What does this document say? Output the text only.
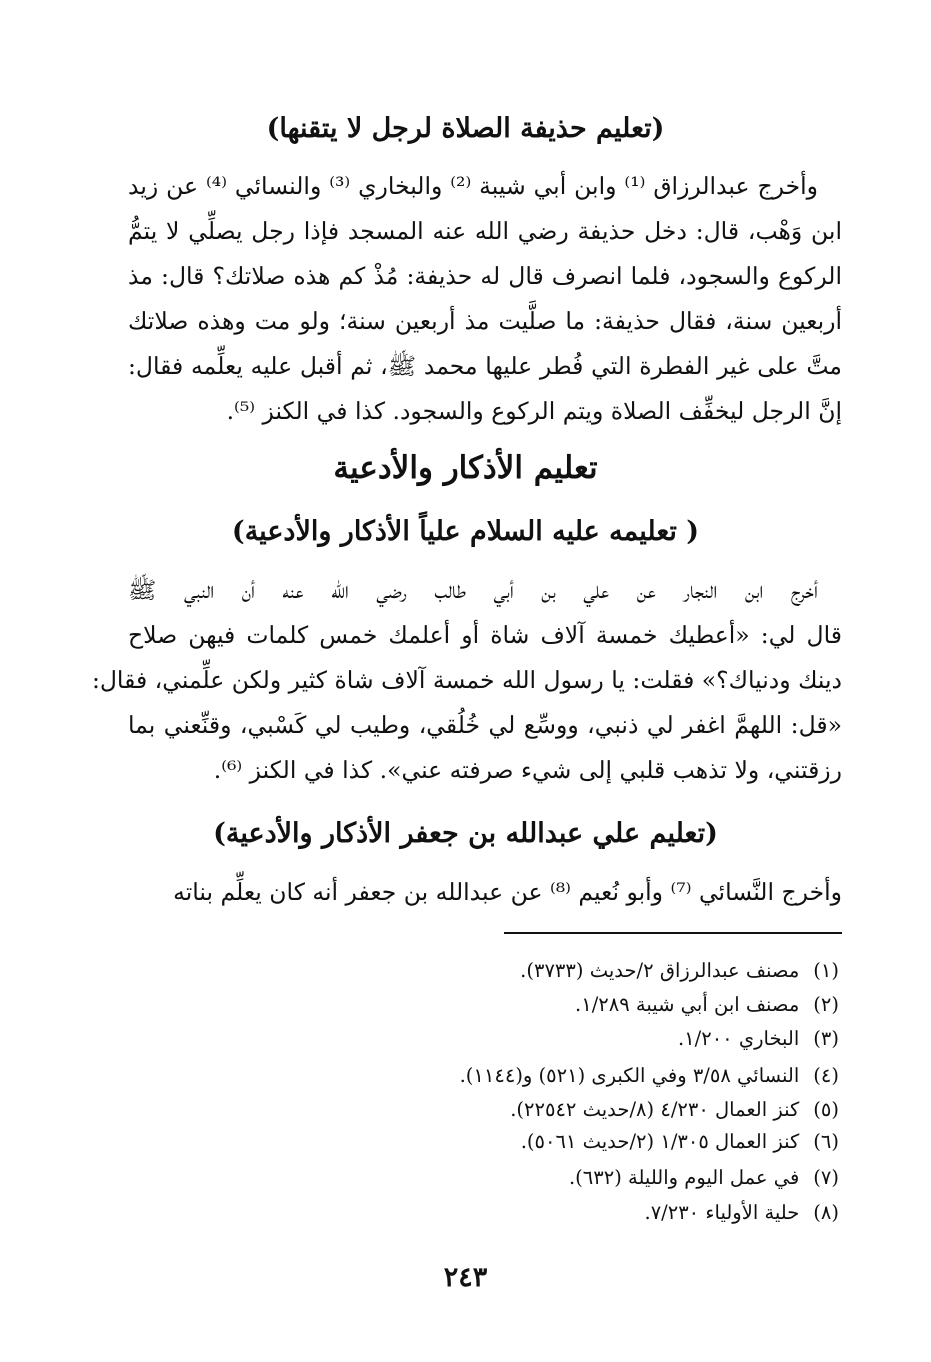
(تعليم حذيفة الصلاة لرجل لا يتقنها)
وأخرج عبدالرزاق ⁽¹⁾ وابن أبي شيبة ⁽²⁾ والبخاري ⁽³⁾ والنسائي ⁽⁴⁾ عن زيد
ابن وَهْب، قال: دخل حذيفة رضي الله عنه المسجد فإذا رجل يصلِّي لا يتمُّ
الركوع والسجود، فلما انصرف قال له حذيفة: مُذْ كم هذه صلاتك؟ قال: مذ
أربعين سنة، فقال حذيفة: ما صلَّيت مذ أربعين سنة؛ ولو مت وهذه صلاتك
متَّ على غير الفطرة التي فُطر عليها محمد ﷺ، ثم أقبل عليه يعلِّمه فقال:
إنَّ الرجل ليخفِّف الصلاة ويتم الركوع والسجود. كذا في الكنز ⁽⁵⁾.
تعليم الأذكار والأدعية
( تعليمه عليه السلام علياً الأذكار والأدعية)
أخرج ابن النجار عن علي بن أبي طالب رضي الله عنه أن النبي ﷺ
قال لي: «أعطيك خمسة آلاف شاة أو أعلمك خمس كلمات فيهن صلاح
دينك ودنياك؟» فقلت: يا رسول الله خمسة آلاف شاة كثير ولكن علِّمني، فقال:
«قل: اللهمَّ اغفر لي ذنبي، ووسِّع لي خُلُقي، وطيب لي كَسْبي، وقنِّعني بما
رزقتني، ولا تذهب قلبي إلى شيء صرفته عني». كذا في الكنز ⁽⁶⁾.
(تعليم علي عبدالله بن جعفر الأذكار والأدعية)
وأخرج النَّسائي ⁽⁷⁾ وأبو نُعيم ⁽⁸⁾ عن عبدالله بن جعفر أنه كان يعلِّم بناته
(١)مصنف عبدالرزاق ٢/حديث (٣٧٣٣).
(٢)مصنف ابن أبي شيبة ١/٢٨٩.
(٣)البخاري ١/٢٠٠.
(٤)النسائي ٣/٥٨ وفي الكبرى (٥٢١) و(١١٤٤).
(٥)كنز العمال ٤/٢٣٠ (٨/حديث ٢٢٥٤٢).
(٦)كنز العمال ١/٣٠٥ (٢/حديث ٥٠٦١).
(٧)في عمل اليوم والليلة (٦٣٢).
(٨)حلية الأولياء ٧/٢٣٠.
٢٤٣
